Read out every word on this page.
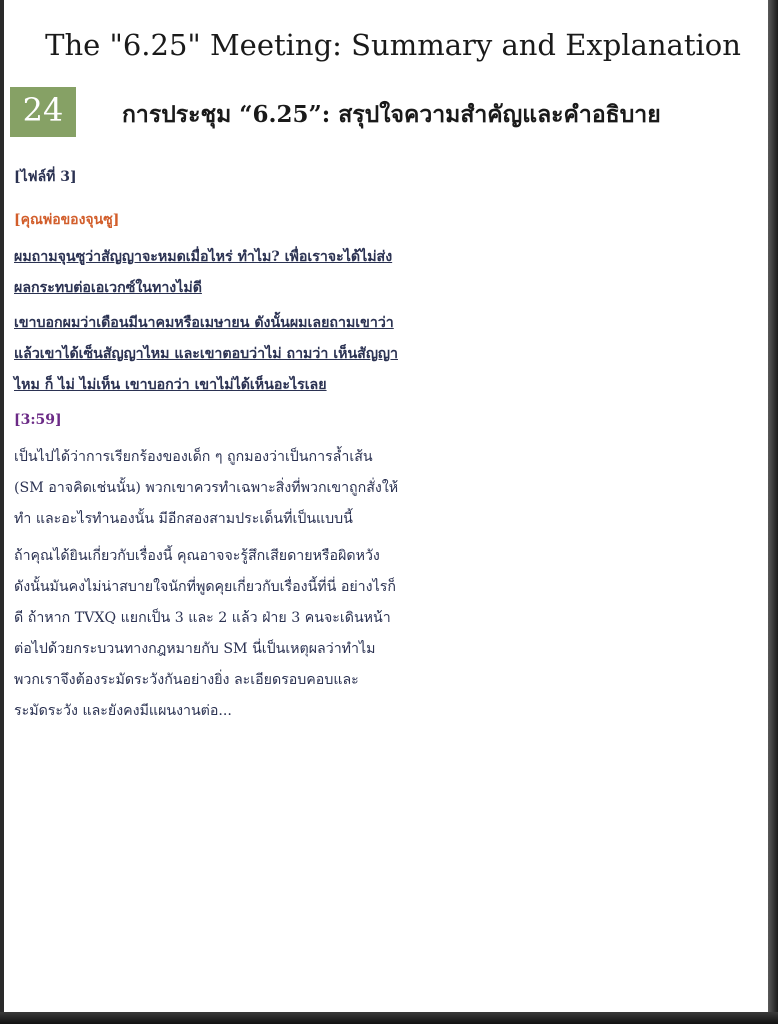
The "6.25" Meeting: Summary and Explanation
24	การประชุม “6.25”: สรุปใจความสำคัญและคำอธิบาย

[ไฟล์ที่ 3]

[คุณพ่อของจุนซู]

ผมถามจุนซูว่าสัญญาจะหมดเมื่อไหร่ ทำไม? เพื่อเราจะได้ไม่ส่งผลกระทบต่อเอเวกซ์ในทางไม่ดี

เขาบอกผมว่าเดือนมีนาคมหรือเมษายน ดังนั้นผมเลยถามเขาว่า แล้วเขาได้เซ็นสัญญาไหม และเขาตอบว่าไม่ ถามว่า เห็นสัญญาไหม ก็ ไม่ ไม่เห็น เขาบอกว่า เขาไม่ได้เห็นอะไรเลย

[3:59]

เป็นไปได้ว่าการเรียกร้องของเด็ก ๆ ถูกมองว่าเป็นการล้ำเส้น (SM อาจคิดเช่นนั้น) พวกเขาควรทำเฉพาะสิ่งที่พวกเขาถูกสั่งให้ทำ และอะไรทำนองนั้น มีอีกสองสามประเด็นที่เป็นแบบนี้

ถ้าคุณได้ยินเกี่ยวกับเรื่องนี้ คุณอาจจะรู้สึกเสียดายหรือผิดหวัง ดังนั้นมันคงไม่น่าสบายใจนักที่พูดคุยเกี่ยวกับเรื่องนี้ที่นี่ อย่างไรก็ดี ถ้าหาก TVXQ แยกเป็น 3 และ 2 แล้ว ฝ่าย 3 คนจะเดินหน้าต่อไปด้วยกระบวนทางกฎหมายกับ SM นี่เป็นเหตุผลว่าทำไมพวกเราจึงต้องระมัดระวังกันอย่างยิ่ง ละเอียดรอบคอบและระมัดระวัง และยังคงมีแผนงานต่อ...
